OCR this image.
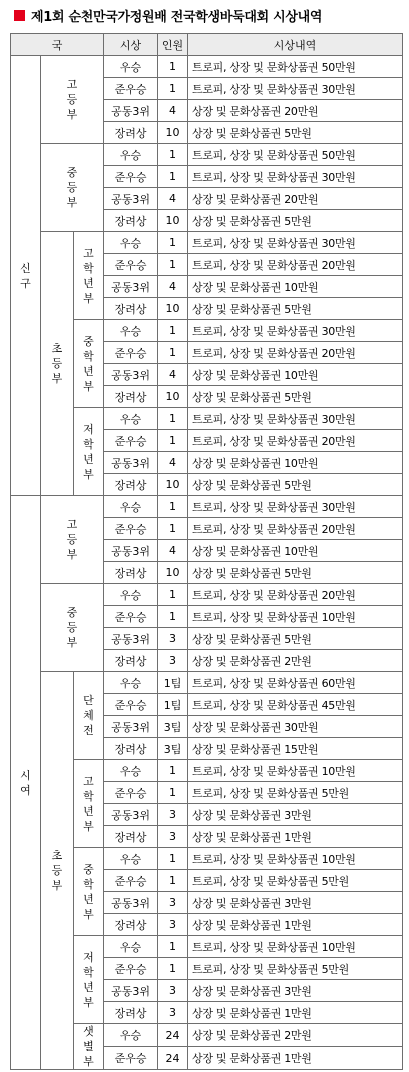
제1회 순천만국가정원배 전국학생바둑대회 시상내역
국			시상	인원	시상내역
신구	고등부		우승	1	트로피, 상장 및 문화상품권 50만원
			준우승	1	트로피, 상장 및 문화상품권 30만원
			공동3위	4	상장 및 문화상품권 20만원
			장려상	10	상장 및 문화상품권 5만원
	중등부		우승	1	트로피, 상장 및 문화상품권 50만원
			준우승	1	트로피, 상장 및 문화상품권 30만원
			공동3위	4	상장 및 문화상품권 20만원
			장려상	10	상장 및 문화상품권 5만원
	초등부	고학년부	우승	1	트로피, 상장 및 문화상품권 30만원
			준우승	1	트로피, 상장 및 문화상품권 20만원
			공동3위	4	상장 및 문화상품권 10만원
			장려상	10	상장 및 문화상품권 5만원
		중학년부	우승	1	트로피, 상장 및 문화상품권 30만원
			준우승	1	트로피, 상장 및 문화상품권 20만원
			공동3위	4	상장 및 문화상품권 10만원
			장려상	10	상장 및 문화상품권 5만원
		저학년부	우승	1	트로피, 상장 및 문화상품권 30만원
			준우승	1	트로피, 상장 및 문화상품권 20만원
			공동3위	4	상장 및 문화상품권 10만원
			장려상	10	상장 및 문화상품권 5만원
시여	고등부		우승	1	트로피, 상장 및 문화상품권 30만원
			준우승	1	트로피, 상장 및 문화상품권 20만원
			공동3위	4	상장 및 문화상품권 10만원
			장려상	10	상장 및 문화상품권 5만원
	중등부		우승	1	트로피, 상장 및 문화상품권 20만원
			준우승	1	트로피, 상장 및 문화상품권 10만원
			공동3위	3	상장 및 문화상품권 5만원
			장려상	3	상장 및 문화상품권 2만원
	초등부	단체전	우승	1팀	트로피, 상장 및 문화상품권 60만원
			준우승	1팀	트로피, 상장 및 문화상품권 45만원
			공동3위	3팀	상장 및 문화상품권 30만원
			장려상	3팀	상장 및 문화상품권 15만원
		고학년부	우승	1	트로피, 상장 및 문화상품권 10만원
			준우승	1	트로피, 상장 및 문화상품권 5만원
			공동3위	3	상장 및 문화상품권 3만원
			장려상	3	상장 및 문화상품권 1만원
		중학년부	우승	1	트로피, 상장 및 문화상품권 10만원
			준우승	1	트로피, 상장 및 문화상품권 5만원
			공동3위	3	상장 및 문화상품권 3만원
			장려상	3	상장 및 문화상품권 1만원
		저학년부	우승	1	트로피, 상장 및 문화상품권 10만원
			준우승	1	트로피, 상장 및 문화상품권 5만원
			공동3위	3	상장 및 문화상품권 3만원
			장려상	3	상장 및 문화상품권 1만원
		샛별부	우승	24	상장 및 문화상품권 2만원
			준우승	24	상장 및 문화상품권 1만원
